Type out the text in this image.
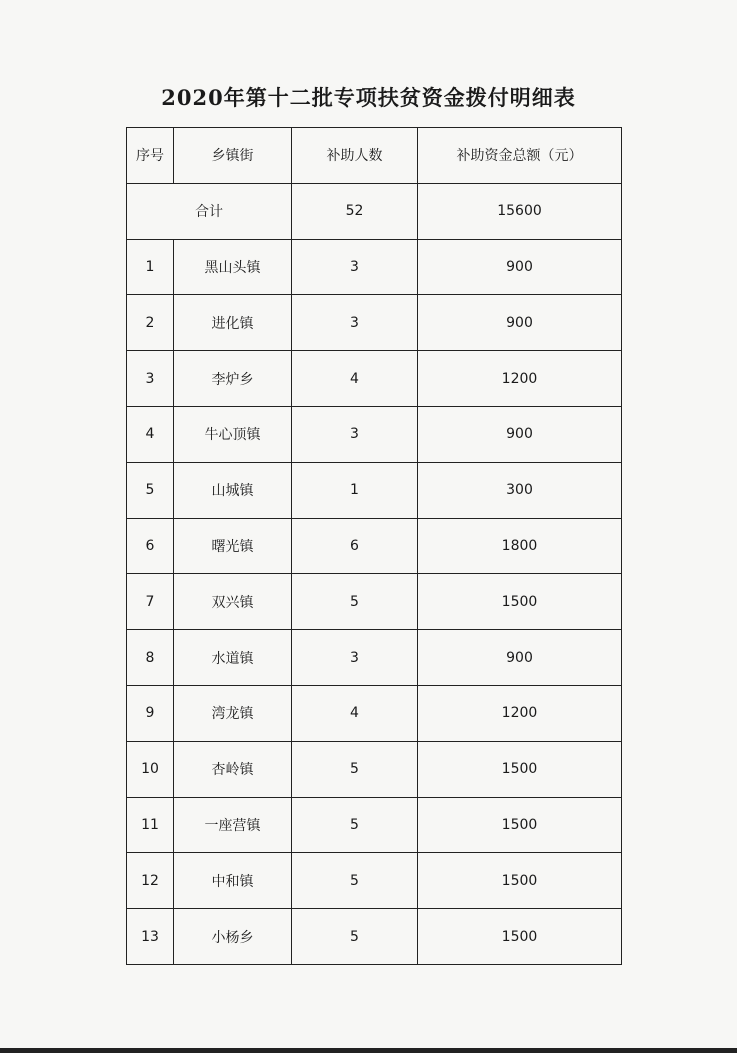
2020年第十二批专项扶贫资金拨付明细表
序号	乡镇街	补助人数	补助资金总额（元）
合计		52	15600
1	黑山头镇	3	900
2	进化镇	3	900
3	李炉乡	4	1200
4	牛心顶镇	3	900
5	山城镇	1	300
6	曙光镇	6	1800
7	双兴镇	5	1500
8	水道镇	3	900
9	湾龙镇	4	1200
10	杏岭镇	5	1500
11	一座营镇	5	1500
12	中和镇	5	1500
13	小杨乡	5	1500
